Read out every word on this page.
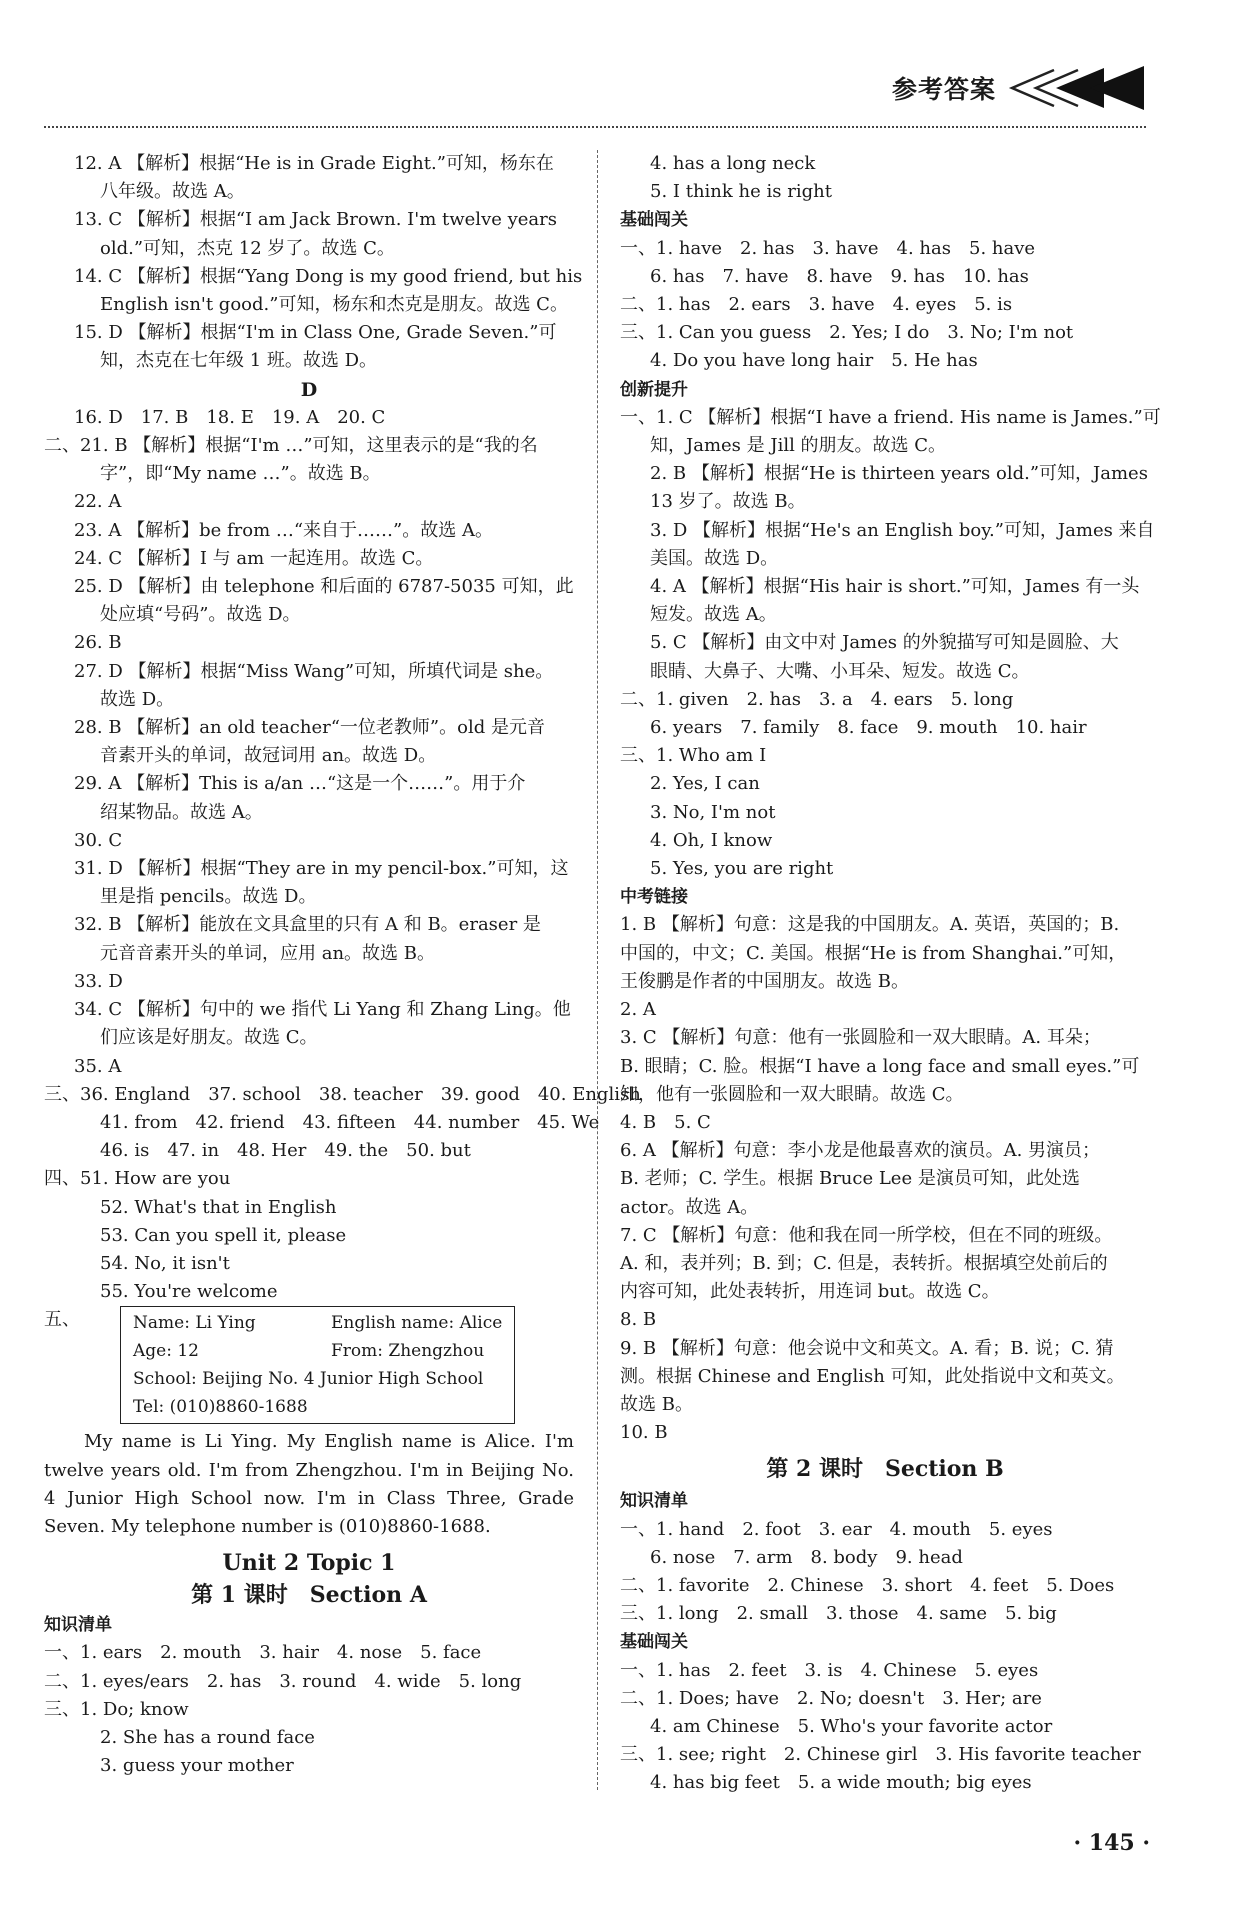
参考答案
12. A 【解析】根据“He is in Grade Eight.”可知，杨东在
八年级。故选 A。
13. C 【解析】根据“I am Jack Brown. I'm twelve years
old.”可知，杰克 12 岁了。故选 C。
14. C 【解析】根据“Yang Dong is my good friend, but his
English isn't good.”可知，杨东和杰克是朋友。故选 C。
15. D 【解析】根据“I'm in Class One, Grade Seven.”可
知，杰克在七年级 1 班。故选 D。
D
16. D　17. B　18. E　19. A　20. C
二、21. B 【解析】根据“I'm …”可知，这里表示的是“我的名
字”，即“My name …”。故选 B。
22. A
23. A 【解析】be from …“来自于……”。故选 A。
24. C 【解析】I 与 am 一起连用。故选 C。
25. D 【解析】由 telephone 和后面的 6787-5035 可知，此
处应填“号码”。故选 D。
26. B
27. D 【解析】根据“Miss Wang”可知，所填代词是 she。
故选 D。
28. B 【解析】an old teacher“一位老教师”。old 是元音
音素开头的单词，故冠词用 an。故选 D。
29. A 【解析】This is a/an …“这是一个……”。用于介
绍某物品。故选 A。
30. C
31. D 【解析】根据“They are in my pencil-box.”可知，这
里是指 pencils。故选 D。
32. B 【解析】能放在文具盒里的只有 A 和 B。eraser 是
元音音素开头的单词，应用 an。故选 B。
33. D
34. C 【解析】句中的 we 指代 Li Yang 和 Zhang Ling。他
们应该是好朋友。故选 C。
35. A
三、36. England　37. school　38. teacher　39. good　40. English
41. from　42. friend　43. fifteen　44. number　45. We
46. is　47. in　48. Her　49. the　50. but
四、51. How are you
52. What's that in English
53. Can you spell it, please
54. No, it isn't
55. You're welcome
五、	Name: Li Ying	English name: Alice
Age: 12	From: Zhengzhou
School: Beijing No. 4 Junior High School
Tel: (010)8860-1688
My name is Li Ying. My English name is Alice. I'm twelve years old. I'm from Zhengzhou. I'm in Beijing No. 4 Junior High School now. I'm in Class Three, Grade Seven. My telephone number is (010)8860-1688.
Unit 2 Topic 1
第 1 课时　Section A
知识清单
一、1. ears　2. mouth　3. hair　4. nose　5. face
二、1. eyes/ears　2. has　3. round　4. wide　5. long
三、1. Do; know
2. She has a round face
3. guess your mother
4. has a long neck
5. I think he is right
基础闯关
一、1. have　2. has　3. have　4. has　5. have
6. has　7. have　8. have　9. has　10. has
二、1. has　2. ears　3. have　4. eyes　5. is
三、1. Can you guess　2. Yes; I do　3. No; I'm not
4. Do you have long hair　5. He has
创新提升
一、1. C 【解析】根据“I have a friend. His name is James.”可
知，James 是 Jill 的朋友。故选 C。
2. B 【解析】根据“He is thirteen years old.”可知，James
13 岁了。故选 B。
3. D 【解析】根据“He's an English boy.”可知，James 来自
美国。故选 D。
4. A 【解析】根据“His hair is short.”可知，James 有一头
短发。故选 A。
5. C 【解析】由文中对 James 的外貌描写可知是圆脸、大
眼睛、大鼻子、大嘴、小耳朵、短发。故选 C。
二、1. given　2. has　3. a　4. ears　5. long
6. years　7. family　8. face　9. mouth　10. hair
三、1. Who am I
2. Yes, I can
3. No, I'm not
4. Oh, I know
5. Yes, you are right
中考链接
1. B 【解析】句意：这是我的中国朋友。A. 英语，英国的；B.
中国的，中文；C. 美国。根据“He is from Shanghai.”可知，
王俊鹏是作者的中国朋友。故选 B。
2. A
3. C 【解析】句意：他有一张圆脸和一双大眼睛。A. 耳朵；
B. 眼睛；C. 脸。根据“I have a long face and small eyes.”可
知，他有一张圆脸和一双大眼睛。故选 C。
4. B　5. C
6. A 【解析】句意：李小龙是他最喜欢的演员。A. 男演员；
B. 老师；C. 学生。根据 Bruce Lee 是演员可知，此处选
actor。故选 A。
7. C 【解析】句意：他和我在同一所学校，但在不同的班级。
A. 和，表并列；B. 到；C. 但是，表转折。根据填空处前后的
内容可知，此处表转折，用连词 but。故选 C。
8. B
9. B 【解析】句意：他会说中文和英文。A. 看；B. 说；C. 猜
测。根据 Chinese and English 可知，此处指说中文和英文。
故选 B。
10. B
第 2 课时　Section B
知识清单
一、1. hand　2. foot　3. ear　4. mouth　5. eyes
6. nose　7. arm　8. body　9. head
二、1. favorite　2. Chinese　3. short　4. feet　5. Does
三、1. long　2. small　3. those　4. same　5. big
基础闯关
一、1. has　2. feet　3. is　4. Chinese　5. eyes
二、1. Does; have　2. No; doesn't　3. Her; are
4. am Chinese　5. Who's your favorite actor
三、1. see; right　2. Chinese girl　3. His favorite teacher
4. has big feet　5. a wide mouth; big eyes
· 145 ·
